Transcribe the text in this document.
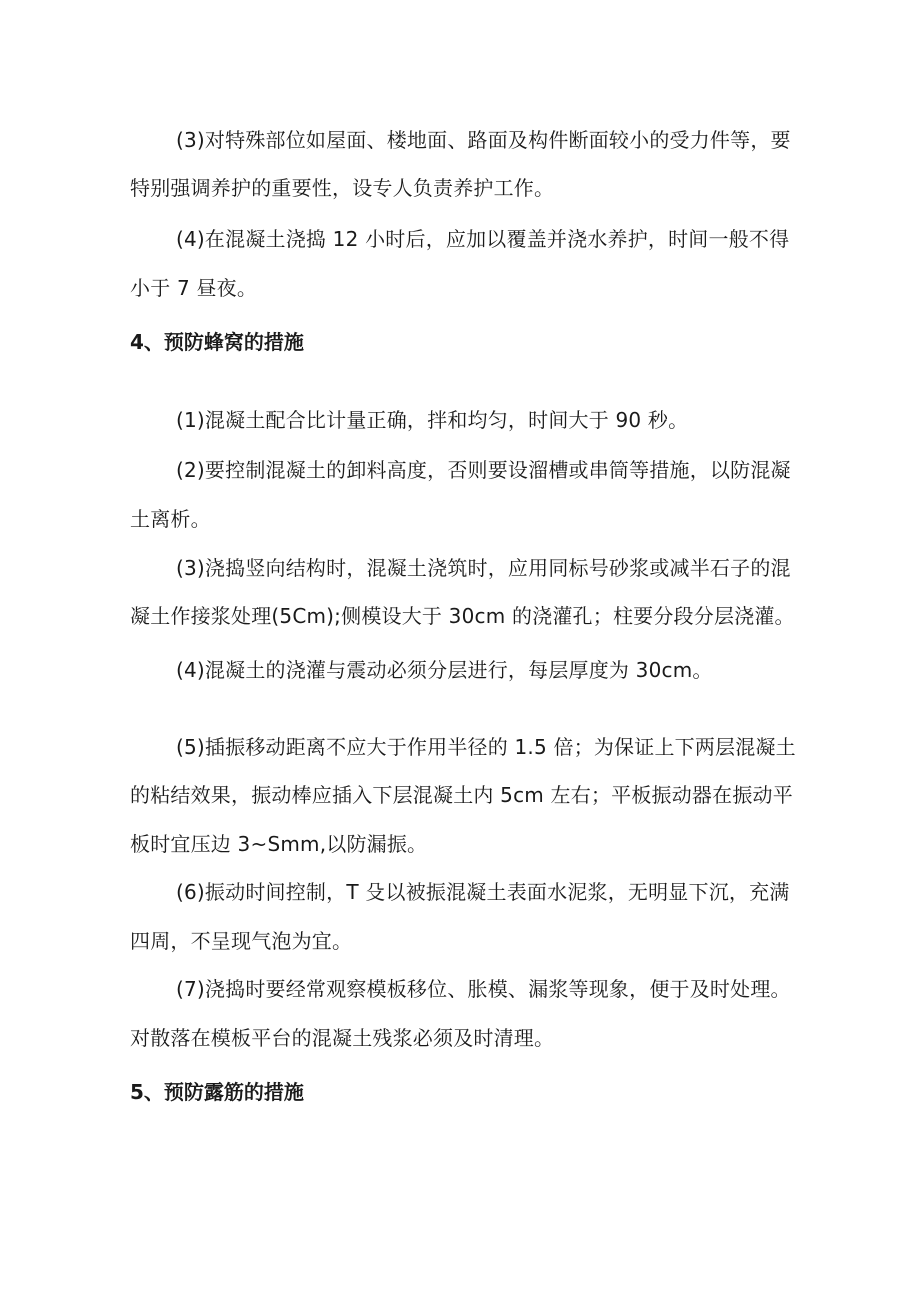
(3)对特殊部位如屋面、楼地面、路面及构件断面较小的受力件等，要
特别强调养护的重要性，设专人负责养护工作。
(4)在混凝土浇捣 12 小时后，应加以覆盖并浇水养护，时间一般不得
小于 7 昼夜。
4、预防蜂窝的措施
(1)混凝土配合比计量正确，拌和均匀，时间大于 90 秒。
(2)要控制混凝土的卸料高度，否则要设溜槽或串筒等措施，以防混凝
土离析。
(3)浇捣竖向结构时，混凝土浇筑时，应用同标号砂浆或减半石子的混
凝土作接浆处理(5Cm);侧模设大于 30cm 的浇灌孔；柱要分段分层浇灌。
(4)混凝土的浇灌与震动必须分层进行，每层厚度为 30cm。
(5)插振移动距离不应大于作用半径的 1.5 倍；为保证上下两层混凝土
的粘结效果，振动棒应插入下层混凝土内 5cm 左右；平板振动器在振动平
板时宜压边 3~Smm,以防漏振。
(6)振动时间控制，T 殳以被振混凝土表面水泥浆，无明显下沉，充满
四周，不呈现气泡为宜。
(7)浇捣时要经常观察模板移位、胀模、漏浆等现象，便于及时处理。
对散落在模板平台的混凝土残浆必须及时清理。
5、预防露筋的措施
